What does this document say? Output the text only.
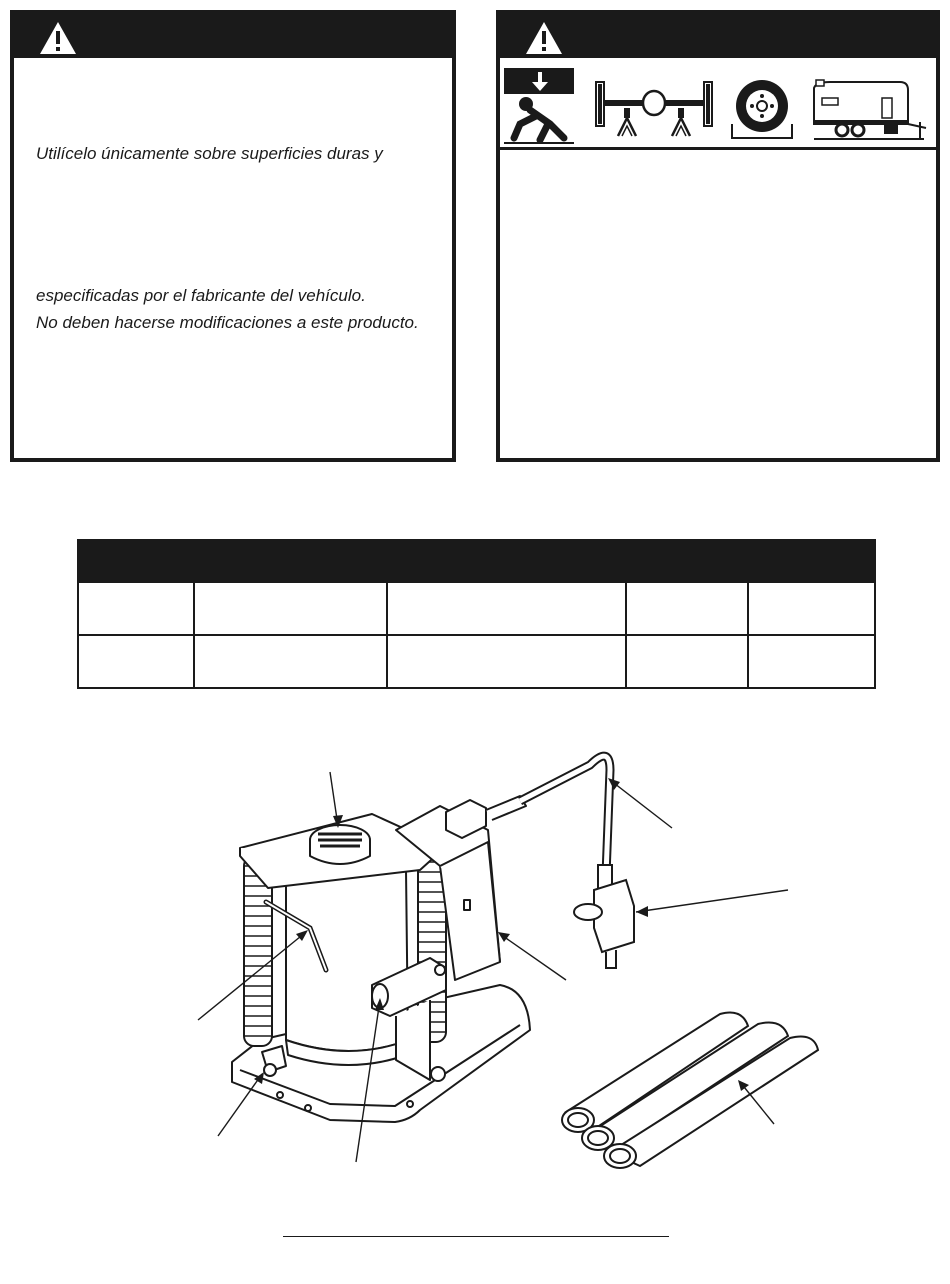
Utilícelo únicamente sobre superficies duras y
especificadas por el fabricante del vehículo.
No deben hacerse modificaciones a este producto.
